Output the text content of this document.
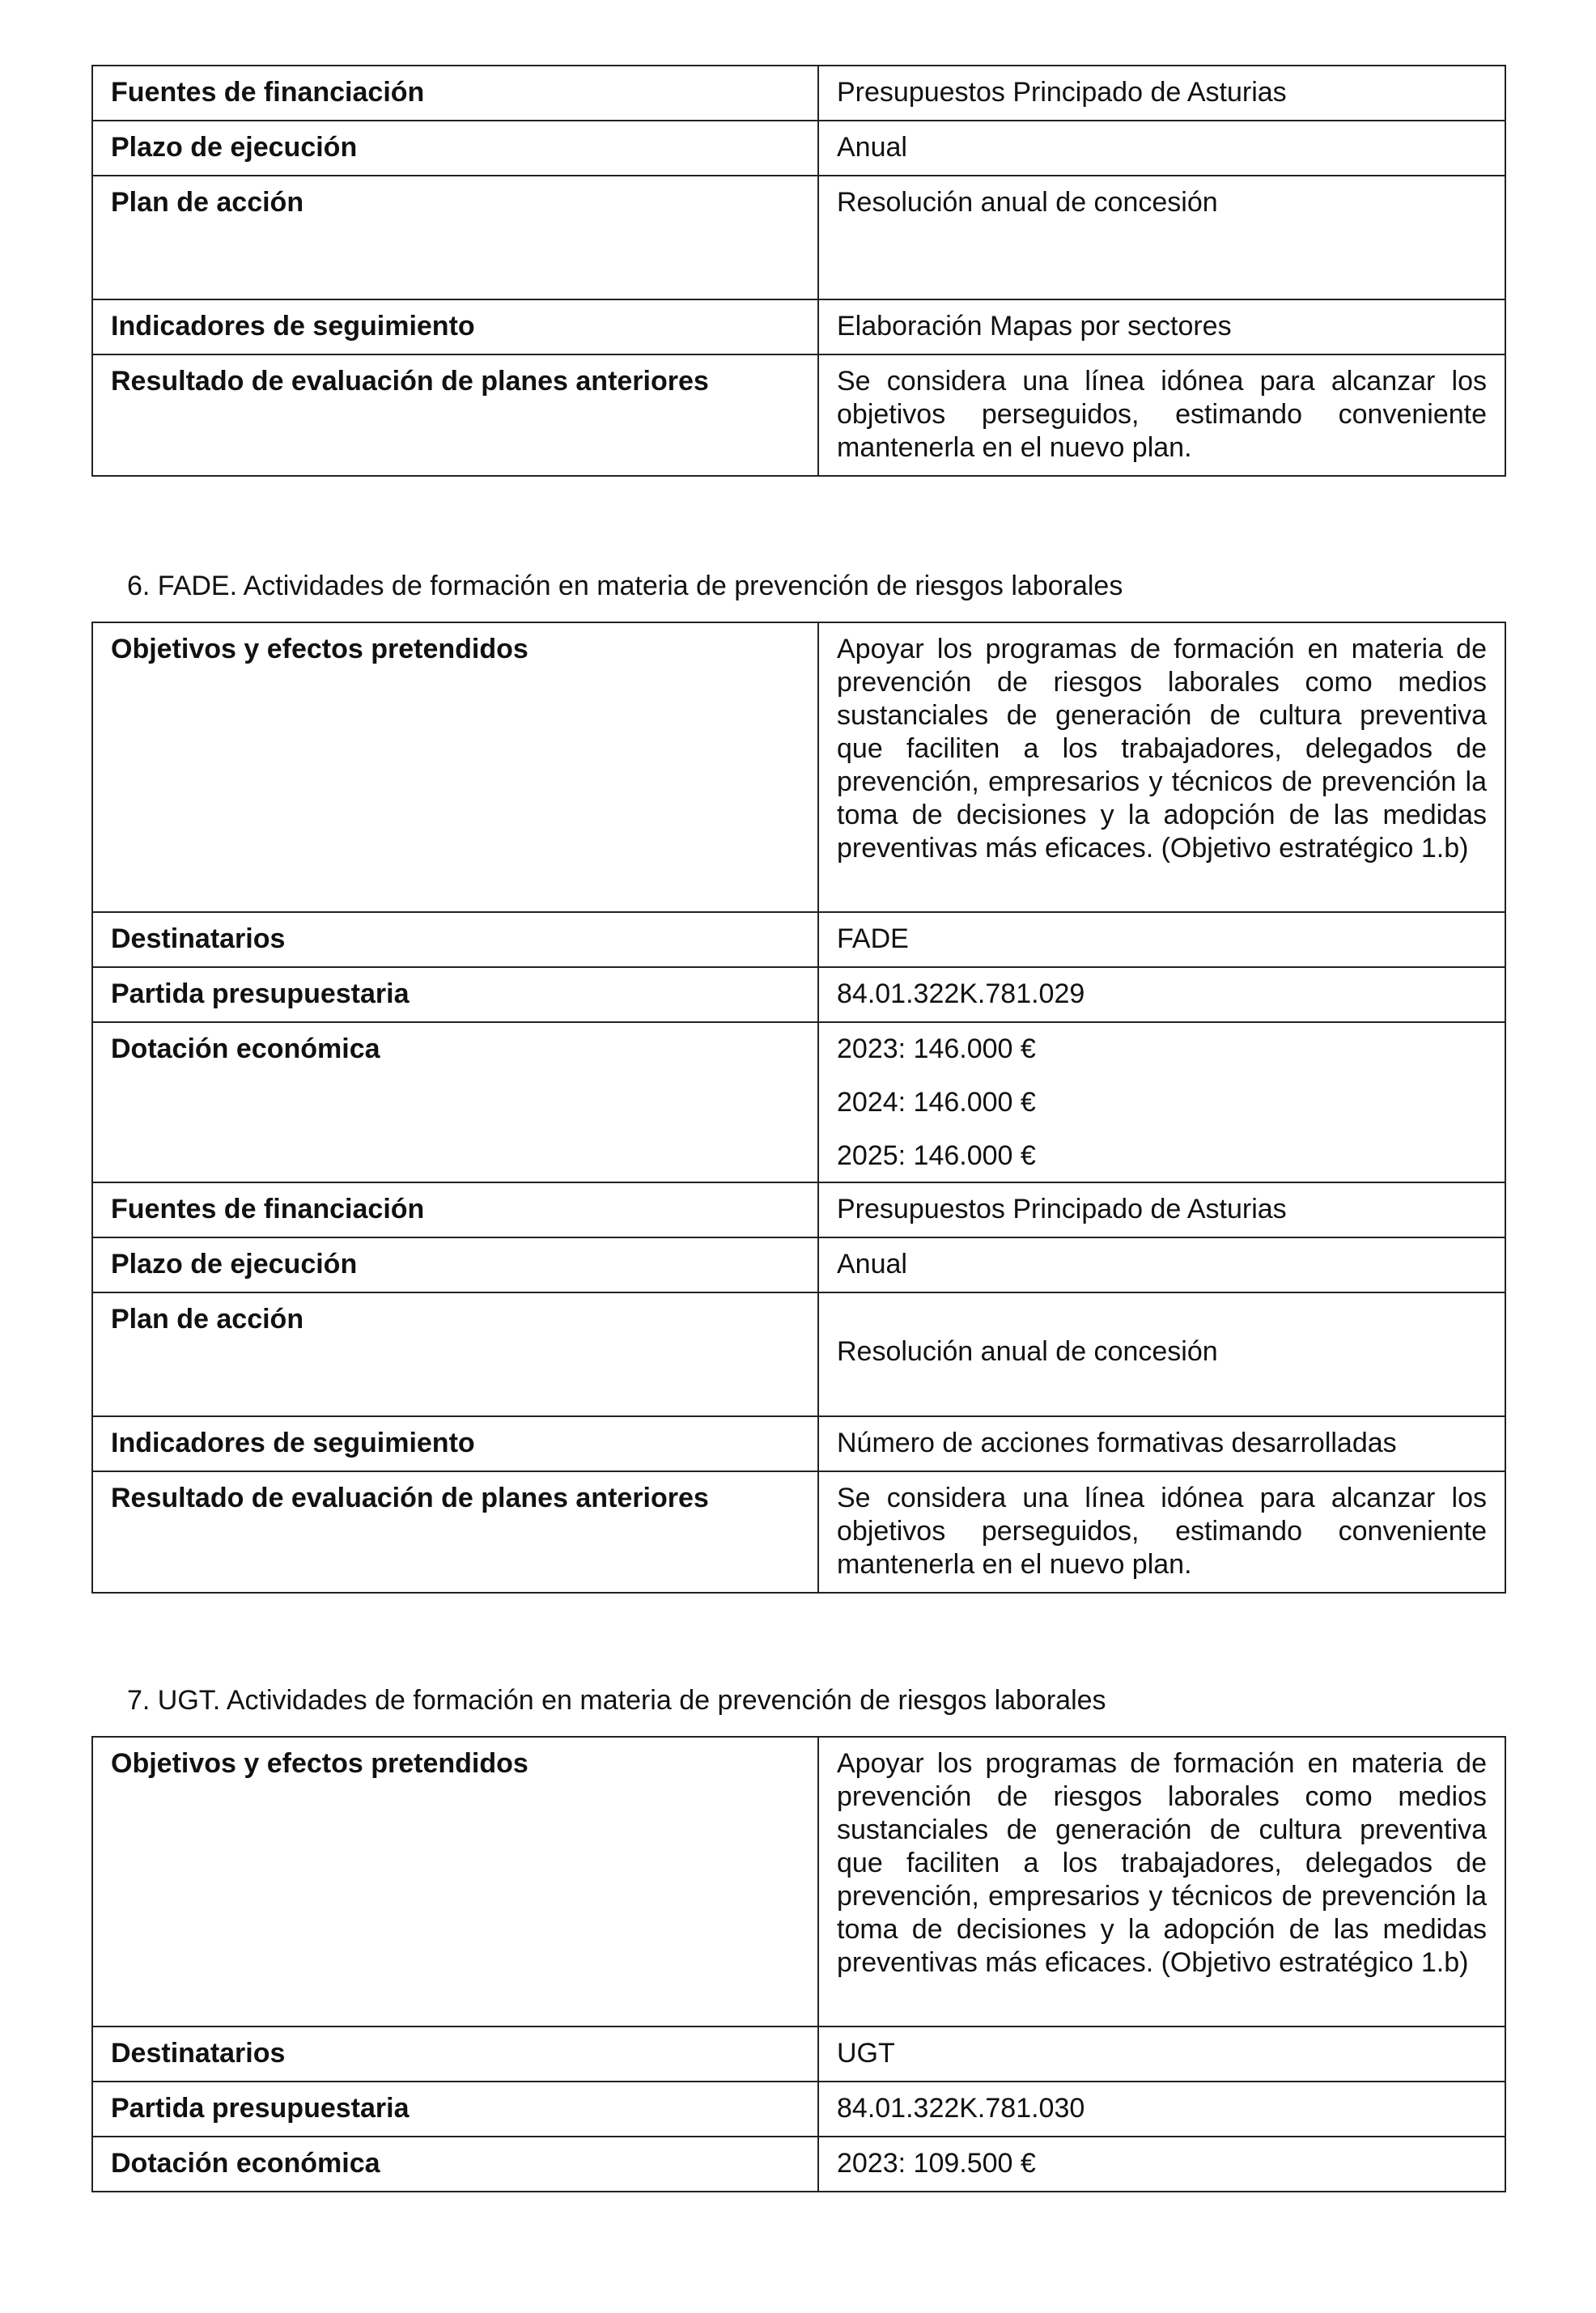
Fuentes de financiación	Presupuestos Principado de Asturias
Plazo de ejecución	Anual
Plan de acción	Resolución anual de concesión
Indicadores de seguimiento	Elaboración Mapas por sectores
Resultado de evaluación de planes anteriores	Se considera una línea idónea para alcanzar los objetivos perseguidos, estimando conveniente mantenerla en el nuevo plan.
6. FADE. Actividades de formación en materia de prevención de riesgos laborales
Objetivos y efectos pretendidos	Apoyar los programas de formación en materia de prevención de riesgos laborales como medios sustanciales de generación de cultura preventiva que faciliten a los trabajadores, delegados de prevención, empresarios y técnicos de prevención la toma de decisiones y la adopción de las medidas preventivas más eficaces. (Objetivo estratégico 1.b)
Destinatarios	FADE
Partida presupuestaria	84.01.322K.781.029
Dotación económica	2023: 146.000 €
2024: 146.000 €
2025: 146.000 €

Fuentes de financiación	Presupuestos Principado de Asturias
Plazo de ejecución	Anual
Plan de acción	Resolución anual de concesión
Indicadores de seguimiento	Número de acciones formativas desarrolladas
Resultado de evaluación de planes anteriores	Se considera una línea idónea para alcanzar los objetivos perseguidos, estimando conveniente mantenerla en el nuevo plan.
7. UGT. Actividades de formación en materia de prevención de riesgos laborales
Objetivos y efectos pretendidos	Apoyar los programas de formación en materia de prevención de riesgos laborales como medios sustanciales de generación de cultura preventiva que faciliten a los trabajadores, delegados de prevención, empresarios y técnicos de prevención la toma de decisiones y la adopción de las medidas preventivas más eficaces. (Objetivo estratégico 1.b)
Destinatarios	UGT
Partida presupuestaria	84.01.322K.781.030
Dotación económica	2023: 109.500 €
